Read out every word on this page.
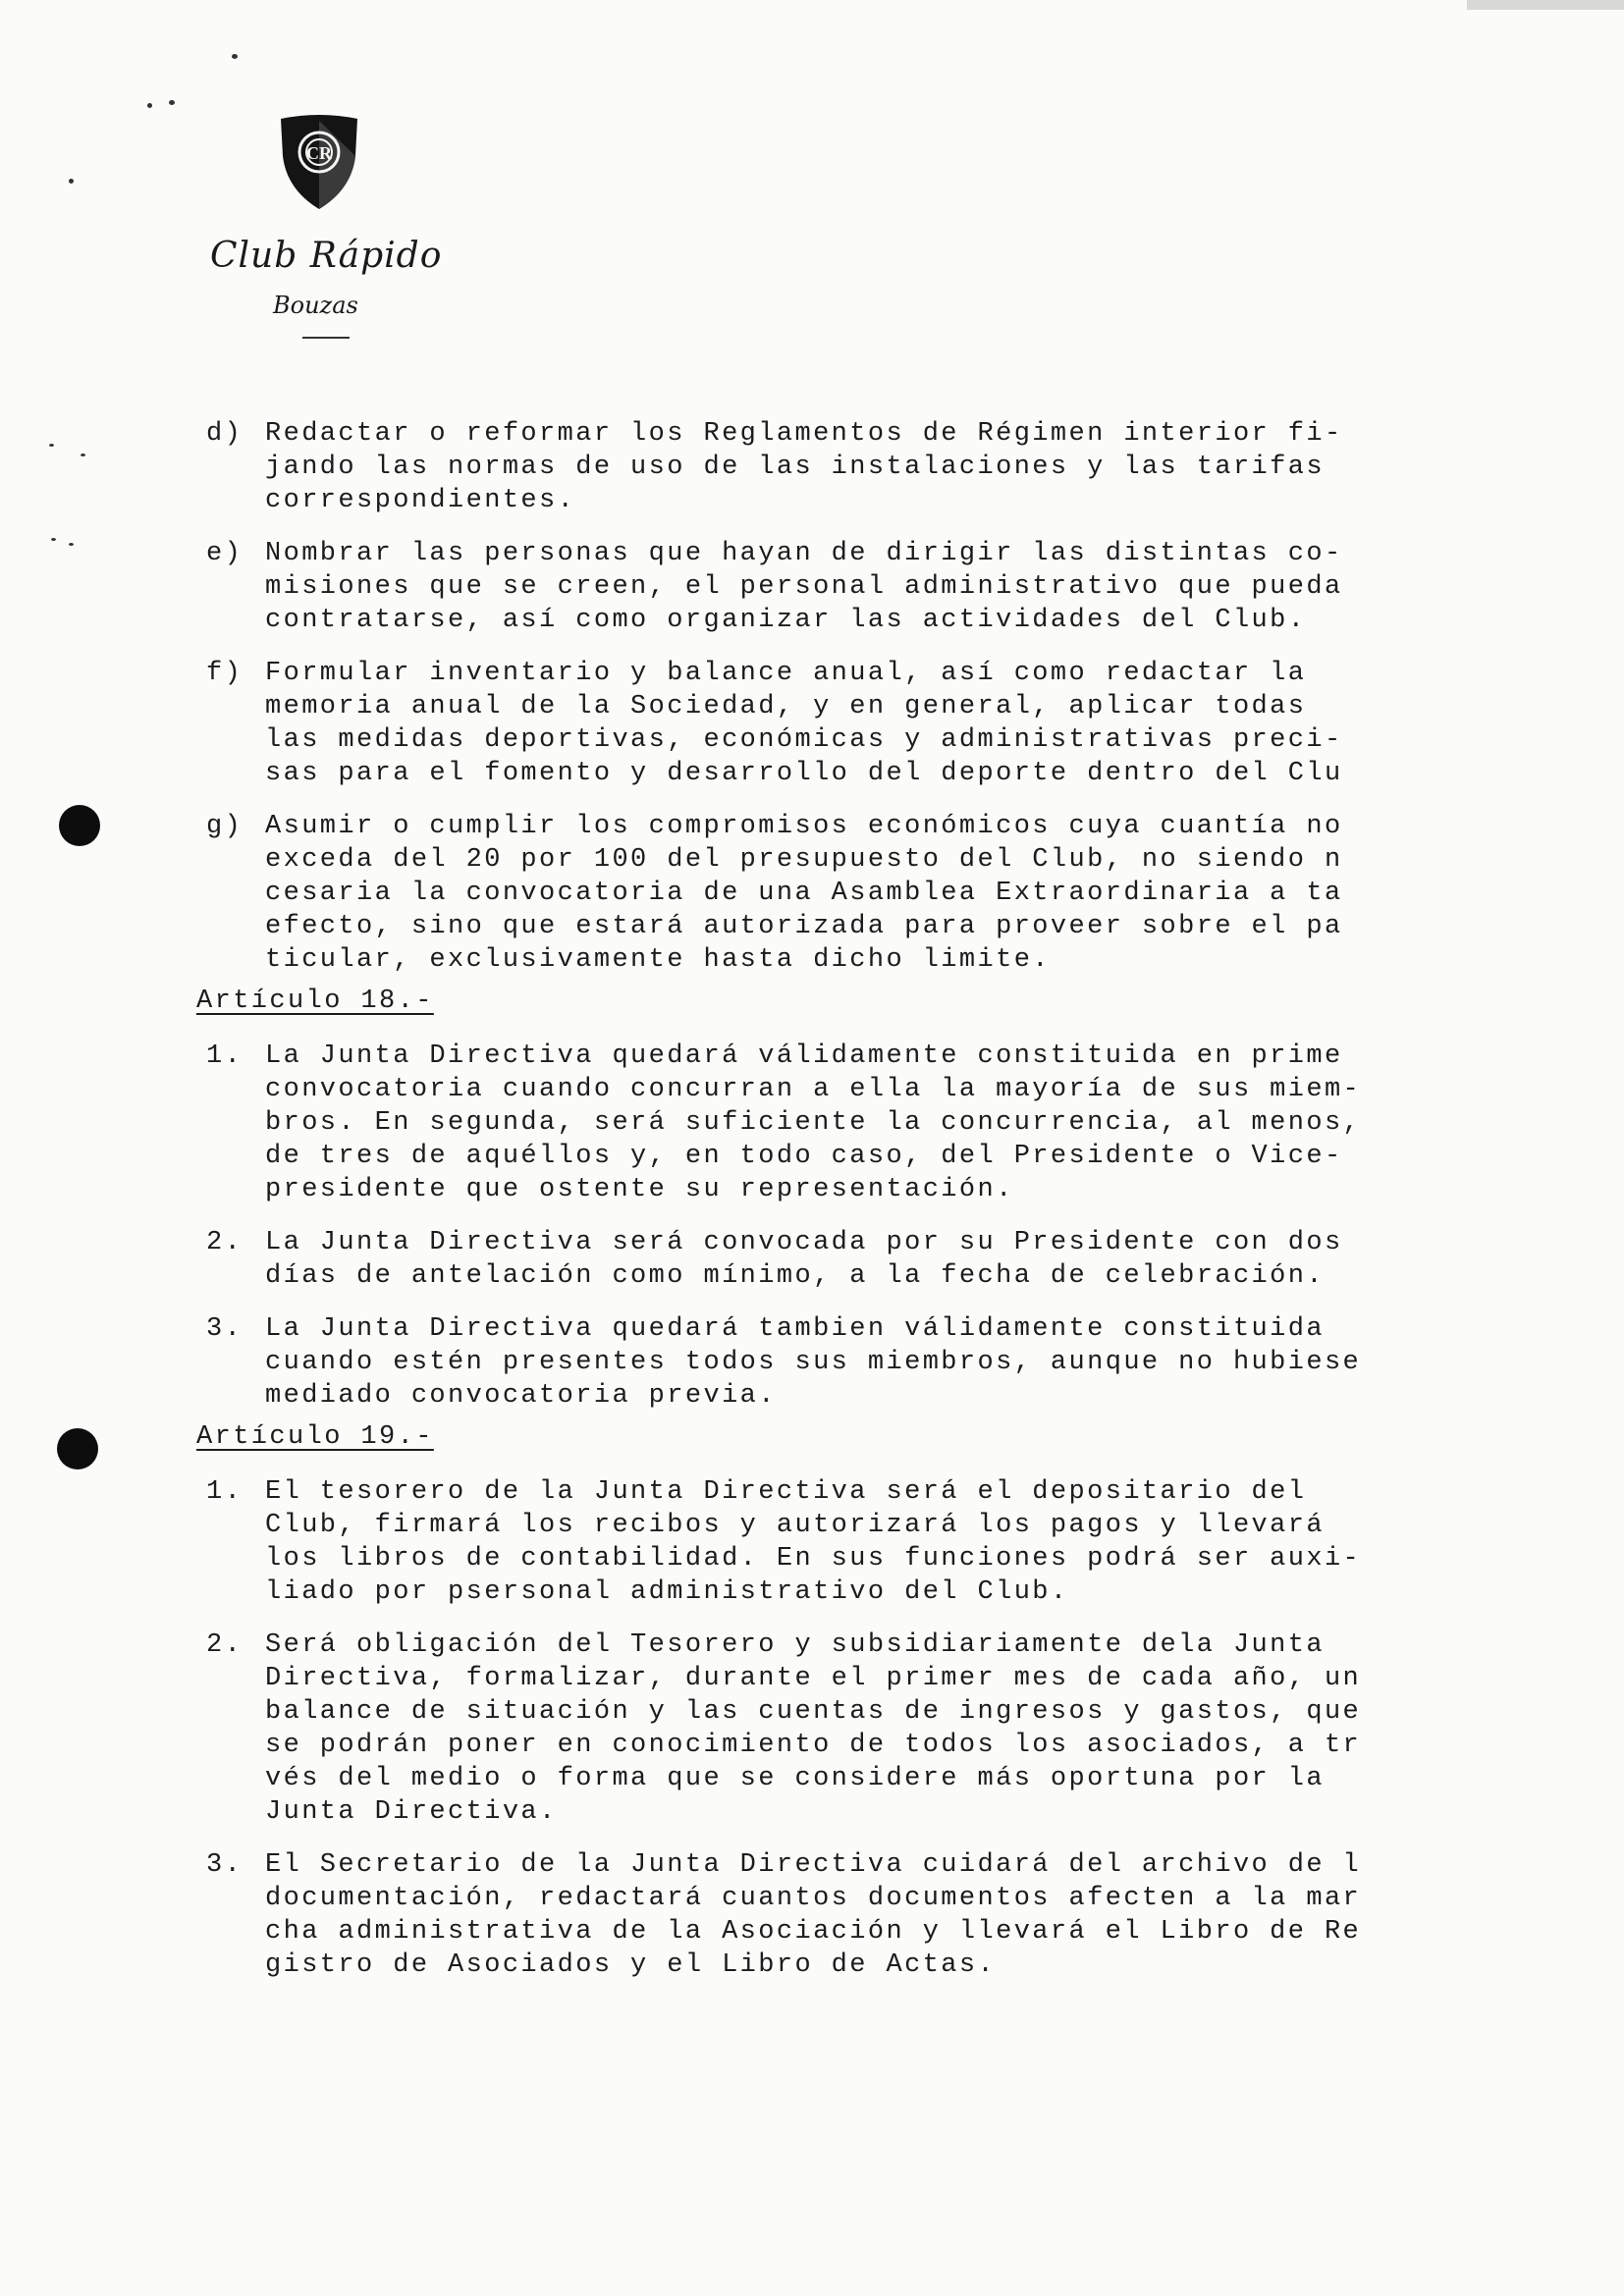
CR
Club Rápido
Bouzas
d) Redactar o reformar los Reglamentos de Régimen interior fi-
jando las normas de uso de las instalaciones y las tarifas
correspondientes.
e) Nombrar las personas que hayan de dirigir las distintas co-
misiones que se creen, el personal administrativo que pueda
contratarse, así como organizar las actividades del Club.
f) Formular inventario y balance anual, así como redactar la
memoria anual de la Sociedad, y en general, aplicar todas
las medidas deportivas, económicas y administrativas preci-
sas para el fomento y desarrollo del deporte dentro del Clu
g) Asumir o cumplir los compromisos económicos cuya cuantía no
exceda del 20 por 100 del presupuesto del Club, no siendo n
cesaria la convocatoria de una Asamblea Extraordinaria a ta
efecto, sino que estará autorizada para proveer sobre el pa
ticular, exclusivamente hasta dicho limite.
Artículo 18.-
1. La Junta Directiva quedará válidamente constituida en prime
convocatoria cuando concurran a ella la mayoría de sus miem-
bros. En segunda, será suficiente la concurrencia, al menos,
de tres de aquéllos y, en todo caso, del Presidente o Vice-
presidente que ostente su representación.
2. La Junta Directiva será convocada por su Presidente con dos
días de antelación como mínimo, a la fecha de celebración.
3. La Junta Directiva quedará tambien válidamente constituida
cuando estén presentes todos sus miembros, aunque no hubiese
mediado convocatoria previa.
Artículo 19.-
1. El tesorero de la Junta Directiva será el depositario del
Club, firmará los recibos y autorizará los pagos y llevará
los libros de contabilidad. En sus funciones podrá ser auxi-
liado por psersonal administrativo del Club.
2. Será obligación del Tesorero y subsidiariamente dela Junta
Directiva, formalizar, durante el primer mes de cada año, un
balance de situación y las cuentas de ingresos y gastos, que
se podrán poner en conocimiento de todos los asociados, a tr
vés del medio o forma que se considere más oportuna por la
Junta Directiva.
3. El Secretario de la Junta Directiva cuidará del archivo de l
documentación, redactará cuantos documentos afecten a la mar
cha administrativa de la Asociación y llevará el Libro de Re
gistro de Asociados y el Libro de Actas.
